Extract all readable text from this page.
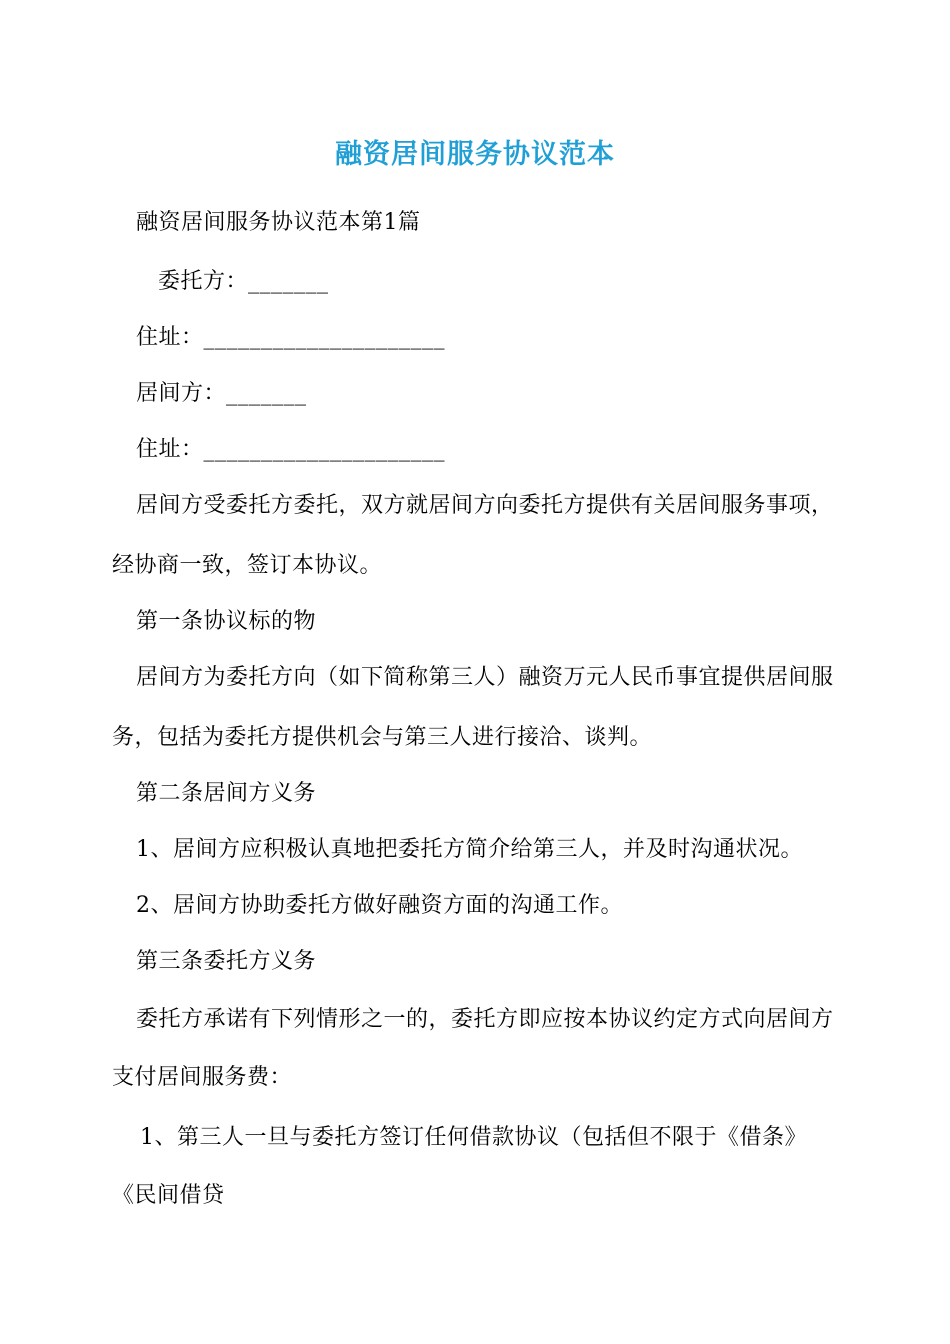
融资居间服务协议范本
融资居间服务协议范本第1篇
委托方：_______
住址：_____________________
居间方：_______
住址：_____________________
居间方受委托方委托，双方就居间方向委托方提供有关居间服务事项，
经协商一致，签订本协议。
第一条协议标的物
居间方为委托方向（如下简称第三人）融资万元人民币事宜提供居间服
务，包括为委托方提供机会与第三人进行接洽、谈判。
第二条居间方义务
1、居间方应积极认真地把委托方简介给第三人，并及时沟通状况。
2、居间方协助委托方做好融资方面的沟通工作。
第三条委托方义务
委托方承诺有下列情形之一的，委托方即应按本协议约定方式向居间方
支付居间服务费：
1、第三人一旦与委托方签订任何借款协议（包括但不限于《借条》
《民间借贷
